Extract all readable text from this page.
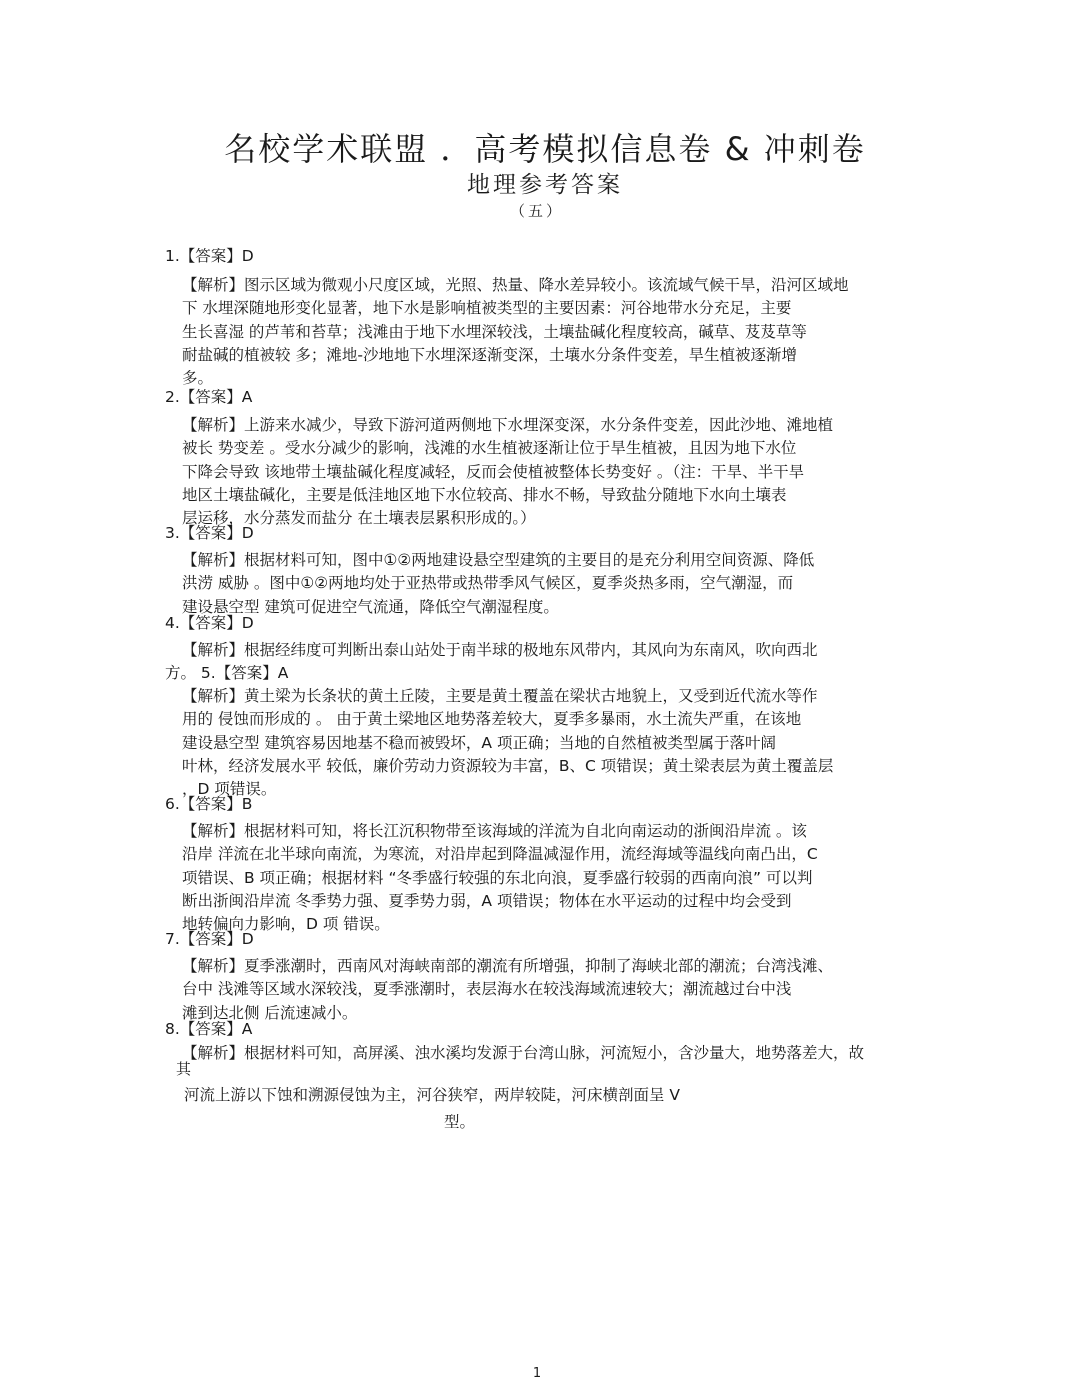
名校学术联盟 ．高考模拟信息卷 & 冲刺卷
地理参考答案
（五）
1.【答案】D
【解析】图示区域为微观小尺度区域，光照、热量、降水差异较小。该流域气候干旱，沿河区域地
下 水埋深随地形变化显著，地下水是影响植被类型的主要因素：河谷地带水分充足，主要
生长喜湿 的芦苇和苔草；浅滩由于地下水埋深较浅，土壤盐碱化程度较高，碱草、芨芨草等
耐盐碱的植被较 多；滩地-沙地地下水埋深逐渐变深，土壤水分条件变差，旱生植被逐渐增
多。
2.【答案】A
【解析】上游来水减少，导致下游河道两侧地下水埋深变深，水分条件变差，因此沙地、滩地植
被长 势变差 。受水分减少的影响，浅滩的水生植被逐渐让位于旱生植被，且因为地下水位
下降会导致 该地带土壤盐碱化程度减轻，反而会使植被整体长势变好 。（注：干旱、半干旱
地区土壤盐碱化，主要是低洼地区地下水位较高、排水不畅，导致盐分随地下水向土壤表
层运移，水分蒸发而盐分 在土壤表层累积形成的。）
3.【答案】D
【解析】根据材料可知，图中①②两地建设悬空型建筑的主要目的是充分利用空间资源、降低
洪涝 威胁 。图中①②两地均处于亚热带或热带季风气候区，夏季炎热多雨，空气潮湿，而
建设悬空型 建筑可促进空气流通，降低空气潮湿程度。
4.【答案】D
【解析】根据经纬度可判断出泰山站处于南半球的极地东风带内，其风向为东南风，吹向西北
方。 5.【答案】A
【解析】黄土梁为长条状的黄土丘陵，主要是黄土覆盖在梁状古地貌上，又受到近代流水等作
用的 侵蚀而形成的 。 由于黄土梁地区地势落差较大，夏季多暴雨，水土流失严重，在该地
建设悬空型 建筑容易因地基不稳而被毁坏，A 项正确；当地的自然植被类型属于落叶阔
叶林，经济发展水平 较低，廉价劳动力资源较为丰富，B、C 项错误；黄土梁表层为黄土覆盖层
，D 项错误。
6.【答案】B
【解析】根据材料可知，将长江沉积物带至该海域的洋流为自北向南运动的浙闽沿岸流 。该
沿岸 洋流在北半球向南流，为寒流，对沿岸起到降温减湿作用，流经海域等温线向南凸出，C
项错误、B 项正确；根据材料 “冬季盛行较强的东北向浪，夏季盛行较弱的西南向浪” 可以判
断出浙闽沿岸流 冬季势力强、夏季势力弱，A 项错误；物体在水平运动的过程中均会受到
地转偏向力影响，D 项 错误。
7.【答案】D
【解析】夏季涨潮时，西南风对海峡南部的潮流有所增强，抑制了海峡北部的潮流；台湾浅滩、
台中 浅滩等区域水深较浅，夏季涨潮时，表层海水在较浅海域流速较大；潮流越过台中浅
滩到达北侧 后流速减小。
8.【答案】A
【解析】根据材料可知，高屏溪、浊水溪均发源于台湾山脉，河流短小，含沙量大，地势落差大，故
其
河流上游以下蚀和溯源侵蚀为主，河谷狭窄，两岸较陡，河床横剖面呈 V
型。
1
